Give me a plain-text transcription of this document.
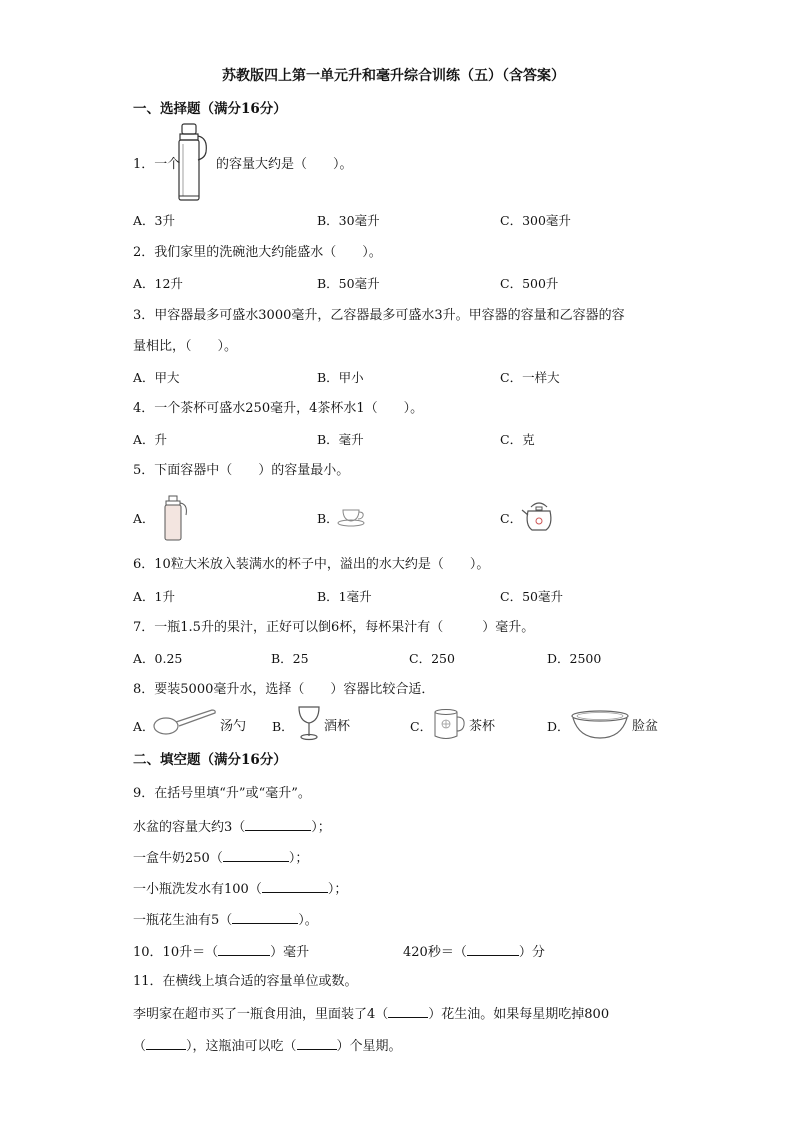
苏教版四上第一单元升和毫升综合训练（五）（含答案）
一、选择题（满分16分）
1．一个	的容量大约是（　　）。
A．3升	B．30毫升	C．300毫升
2．我们家里的洗碗池大约能盛水（　　）。
A．12升	B．50毫升	C．500升
3．甲容器最多可盛水3000毫升，乙容器最多可盛水3升。甲容器的容量和乙容器的容
量相比，（　　）。
A．甲大	B．甲小	C．一样大
4．一个茶杯可盛水250毫升，4茶杯水1（　　）。
A．升	B．毫升	C．克
5．下面容器中（　　）的容量最小。
A．	B．	C．
6．10粒大米放入装满水的杯子中，溢出的水大约是（　　）。
A．1升	B．1毫升	C．50毫升
7．一瓶1.5升的果汁，正好可以倒6杯，每杯果汁有（　　　）毫升。
A．0.25	B．25	C．250	D．2500
8．要装5000毫升水，选择（　　）容器比较合适．
A．	汤勺 B． 酒杯	C．	茶杯	D．	脸盆
二、填空题（满分16分）
9．在括号里填“升”或“毫升”。
水盆的容量大约3（	）；
一盒牛奶250（	）；
一小瓶洗发水有100（	）；
一瓶花生油有5（	）。
10．10升＝（	）毫升	420秒＝（	）分
11．在横线上填合适的容量单位或数。
李明家在超市买了一瓶食用油，里面装了4（	）花生油。如果每星期吃掉800
（	），这瓶油可以吃（	）个星期。
